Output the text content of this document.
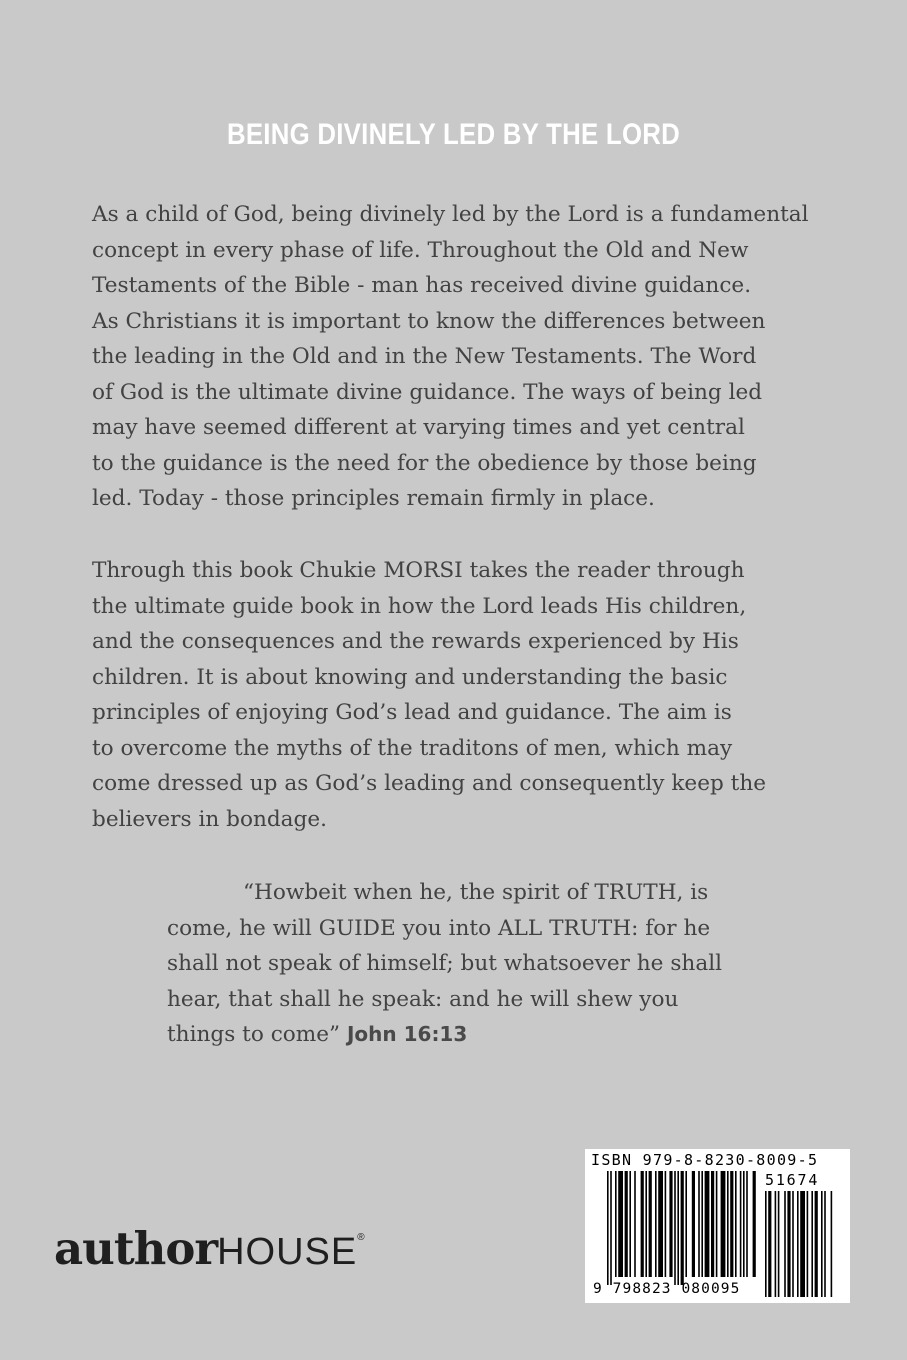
BEING DIVINELY LED BY THE LORD
As a child of God, being divinely led by the Lord is a fundamental
concept in every phase of life. Throughout the Old and New
Testaments of the Bible - man has received divine guidance.
As Christians it is important to know the differences between
the leading in the Old and in the New Testaments. The Word
of God is the ultimate divine guidance. The ways of being led
may have seemed different at varying times and yet central
to the guidance is the need for the obedience by those being
led. Today - those principles remain firmly in place.
Through this book Chukie MORSI takes the reader through
the ultimate guide book in how the Lord leads His children,
and the consequences and the rewards experienced by His
children. It is about knowing and understanding the basic
principles of enjoying God’s lead and guidance. The aim is
to overcome the myths of the traditons of men, which may
come dressed up as God’s leading and consequently keep the
believers in bondage.
“Howbeit when he, the spirit of TRUTH, is
come, he will GUIDE you into ALL TRUTH: for he
shall not speak of himself; but whatsoever he shall
hear, that shall he speak: and he will shew you
things to come” John 16:13
authorHOUSE®
ISBN 979-8-8230-8009-5
51674
9 798823 080095
